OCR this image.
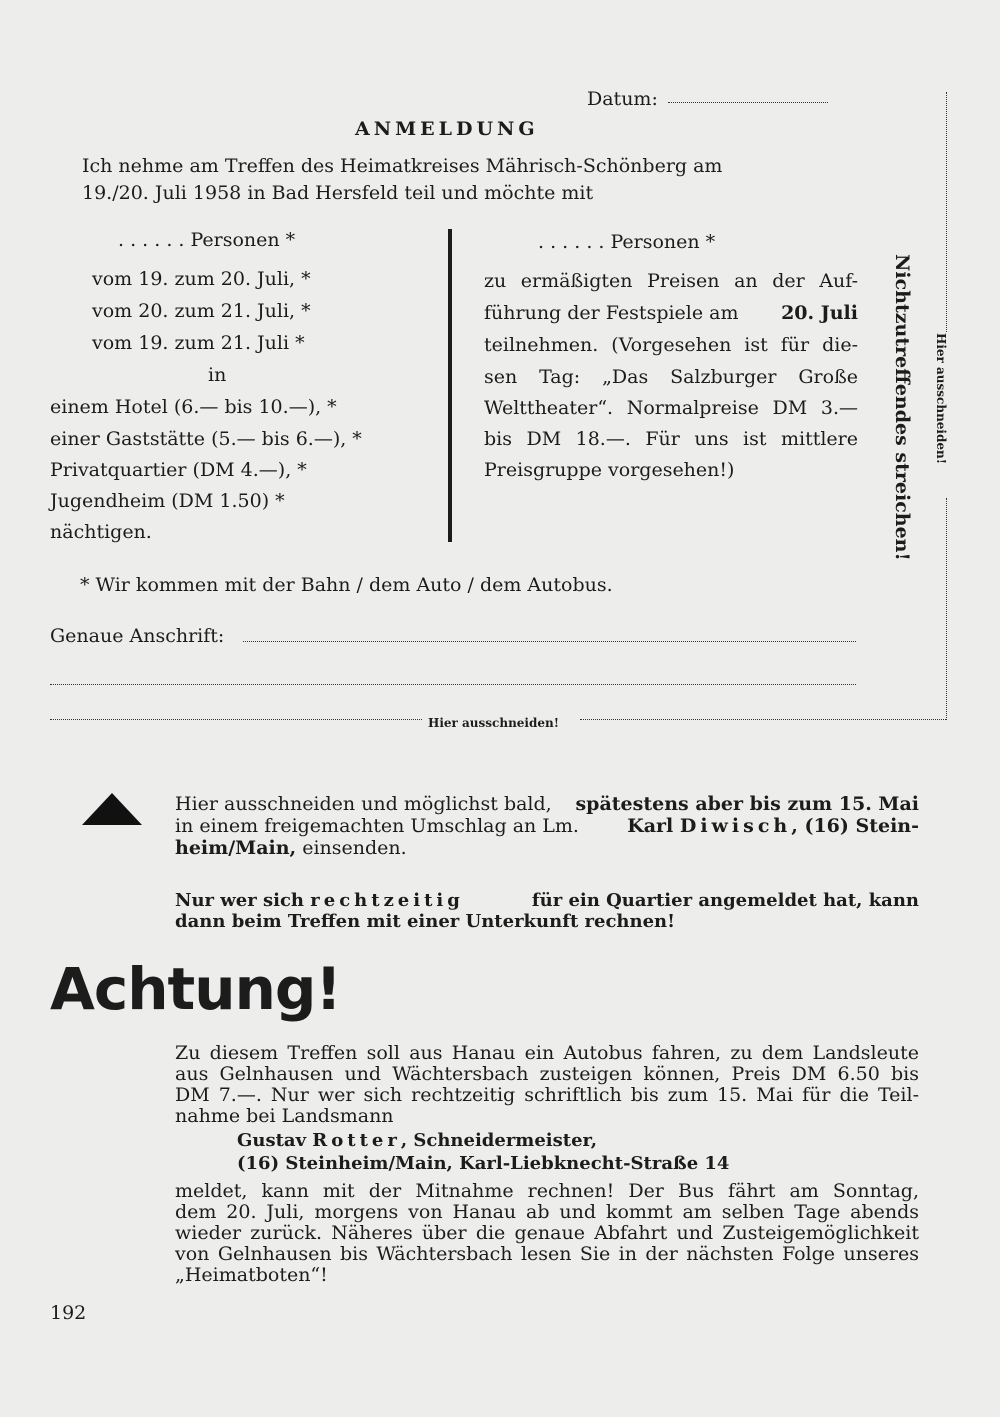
Datum:
ANMELDUNG
Ich nehme am Treffen des Heimatkreises Mährisch-Schönberg am
19./20. Juli 1958 in Bad Hersfeld teil und möchte mit
. . . . . . Personen *
vom 19. zum 20. Juli, *
vom 20. zum 21. Juli, *
vom 19. zum 21. Juli *
in
einem Hotel (6.— bis 10.—), *
einer Gaststätte (5.— bis 6.—), *
Privatquartier (DM 4.—), *
Jugendheim (DM 1.50) *
nächtigen.
. . . . . . Personen *
zu ermäßigten Preisen an der Auf-
führung der Festspiele am 20. Juli
teilnehmen. (Vorgesehen ist für die-
sen Tag: „Das Salzburger Große
Welttheater“. Normalpreise DM 3.—
bis DM 18.—. Für uns ist mittlere
Preisgruppe vorgesehen!)	Nichtzutreffendes streichen!
* Wir kommen mit der Bahn / dem Auto / dem Autobus.
Genaue Anschrift:
Hier ausschneiden!
Hier ausschneiden!
Hier ausschneiden und möglichst bald, spätestens aber bis zum 15. Mai
in einem freigemachten Umschlag an Lm.	Karl Diwisch, (16) Stein-
heim/Main, einsenden.
Nur wer sich rechtzeitig	für ein Quartier angemeldet hat, kann
dann beim Treffen mit einer Unterkunft rechnen!
Achtung!
Zu diesem Treffen soll aus Hanau ein Autobus fahren, zu dem Landsleute
aus Gelnhausen und Wächtersbach zusteigen können, Preis DM 6.50 bis
DM 7.—. Nur wer sich rechtzeitig schriftlich bis zum 15. Mai für die Teil-
nahme bei Landsmann
Gustav Rotter, Schneidermeister,
(16) Steinheim/Main, Karl-Liebknecht-Straße 14
meldet, kann mit der Mitnahme rechnen! Der Bus fährt am Sonntag,
dem 20. Juli, morgens von Hanau ab und kommt am selben Tage abends
wieder zurück. Näheres über die genaue Abfahrt und Zusteigemöglichkeit
von Gelnhausen bis Wächtersbach lesen Sie in der nächsten Folge unseres
„Heimatboten“!
192
